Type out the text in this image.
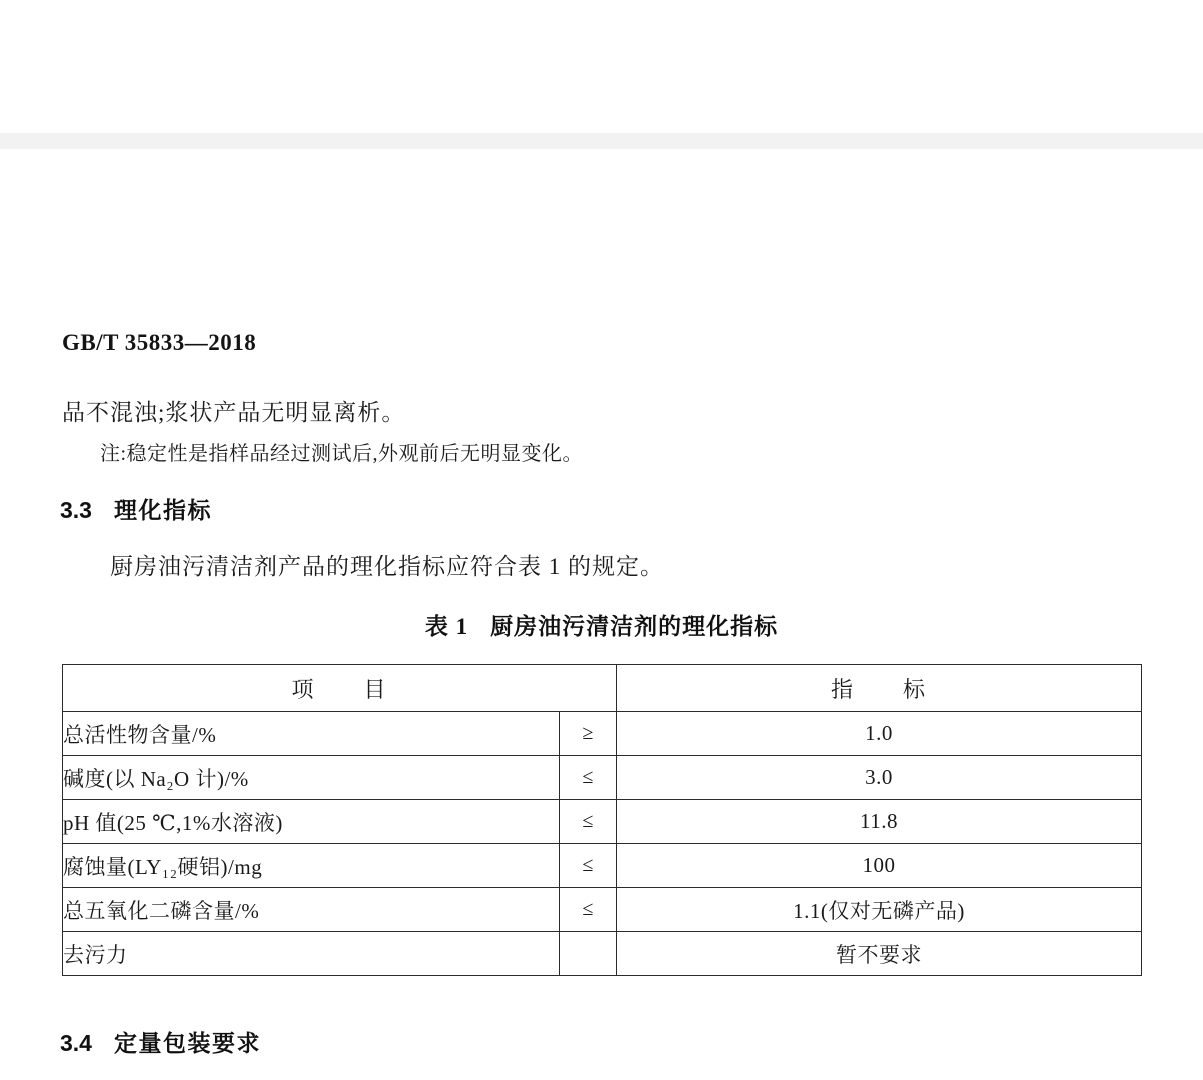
GB/T 35833—2018
品不混浊;浆状产品无明显离析。
注:稳定性是指样品经过测试后,外观前后无明显变化。
3.3 理化指标
厨房油污清洁剂产品的理化指标应符合表 1 的规定。
表 1 厨房油污清洁剂的理化指标
项　　目		指　　标
总活性物含量/%	≥	1.0
碱度(以 Na₂O 计)/%	≤	3.0
pH 值(25 ℃,1%水溶液)	≤	11.8
腐蚀量(LY₁₂硬铝)/mg	≤	100
总五氧化二磷含量/%	≤	1.1(仅对无磷产品)
去污力		暂不要求
3.4 定量包装要求
